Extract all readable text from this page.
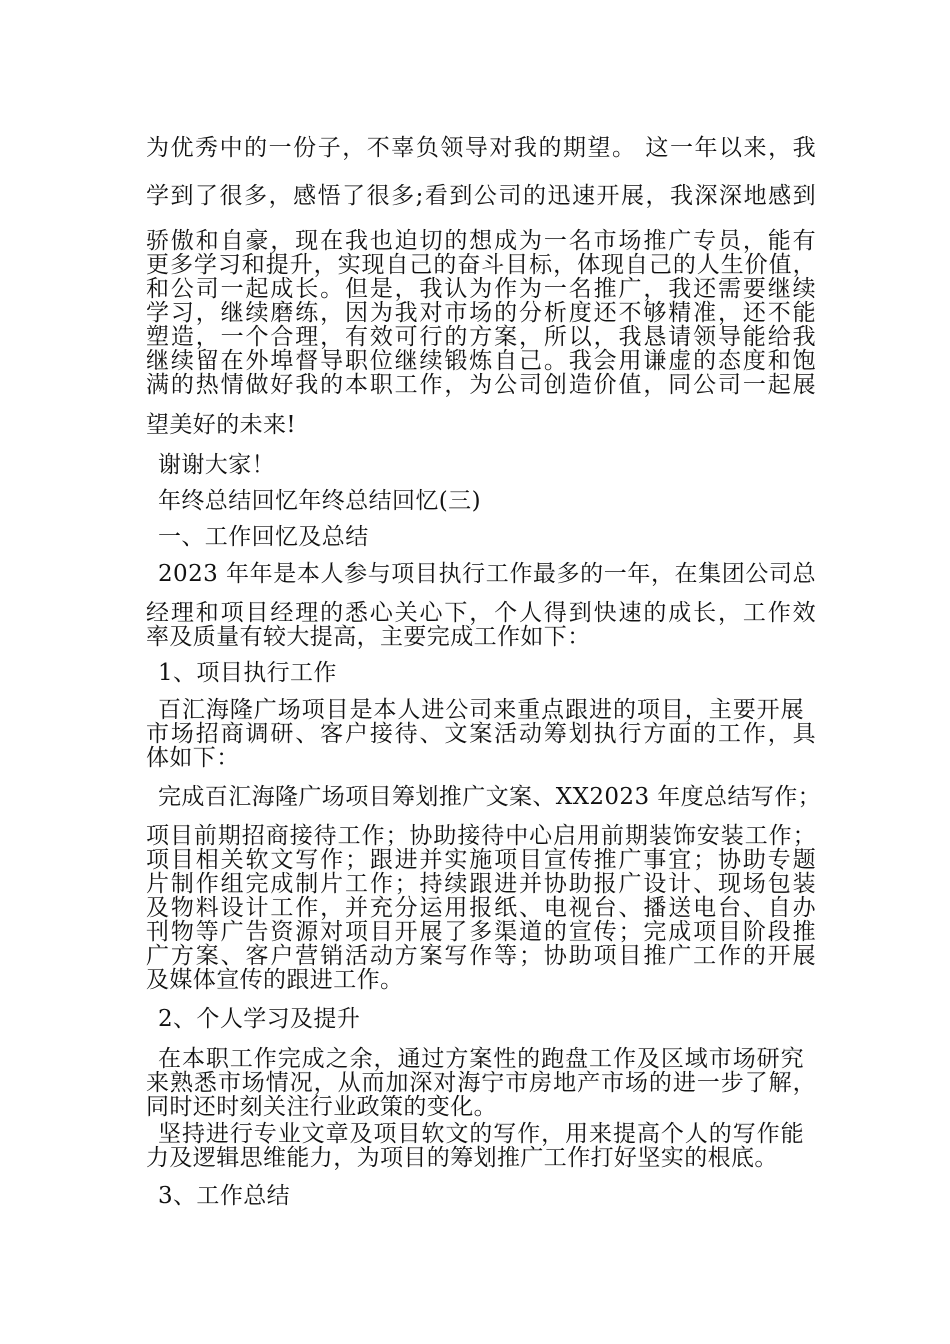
为优秀中的一份子，不辜负领导对我的期望。 这一年以来，我
学到了很多，感悟了很多;看到公司的迅速开展，我深深地感到
骄傲和自豪，现在我也迫切的想成为一名市场推广专员，能有
更多学习和提升，实现自己的奋斗目标，体现自己的人生价值，
和公司一起成长。但是，我认为作为一名推广，我还需要继续
学习，继续磨练，因为我对市场的分析度还不够精准，还不能
塑造，一个合理，有效可行的方案，所以，我恳请领导能给我
继续留在外埠督导职位继续锻炼自己。我会用谦虚的态度和饱
满的热情做好我的本职工作，为公司创造价值，同公司一起展
望美好的未来!
谢谢大家！
年终总结回忆年终总结回忆(三)
一、工作回忆及总结
2023 年年是本人参与项目执行工作最多的一年，在集团公司总
经理和项目经理的悉心关心下，个人得到快速的成长，工作效
率及质量有较大提高，主要完成工作如下：
1、项目执行工作
百汇海隆广场项目是本人进公司来重点跟进的项目，主要开展
市场招商调研、客户接待、文案活动筹划执行方面的工作，具
体如下：
完成百汇海隆广场项目筹划推广文案、XX2023 年度总结写作；
项目前期招商接待工作；协助接待中心启用前期装饰安装工作；
项目相关软文写作；跟进并实施项目宣传推广事宜；协助专题
片制作组完成制片工作；持续跟进并协助报广设计、现场包装
及物料设计工作，并充分运用报纸、电视台、播送电台、自办
刊物等广告资源对项目开展了多渠道的宣传；完成项目阶段推
广方案、客户营销活动方案写作等；协助项目推广工作的开展
及媒体宣传的跟进工作。
2、个人学习及提升
在本职工作完成之余，通过方案性的跑盘工作及区域市场研究
来熟悉市场情况，从而加深对海宁市房地产市场的进一步了解，
同时还时刻关注行业政策的变化。
坚持进行专业文章及项目软文的写作，用来提高个人的写作能
力及逻辑思维能力，为项目的筹划推广工作打好坚实的根底。
3、工作总结
